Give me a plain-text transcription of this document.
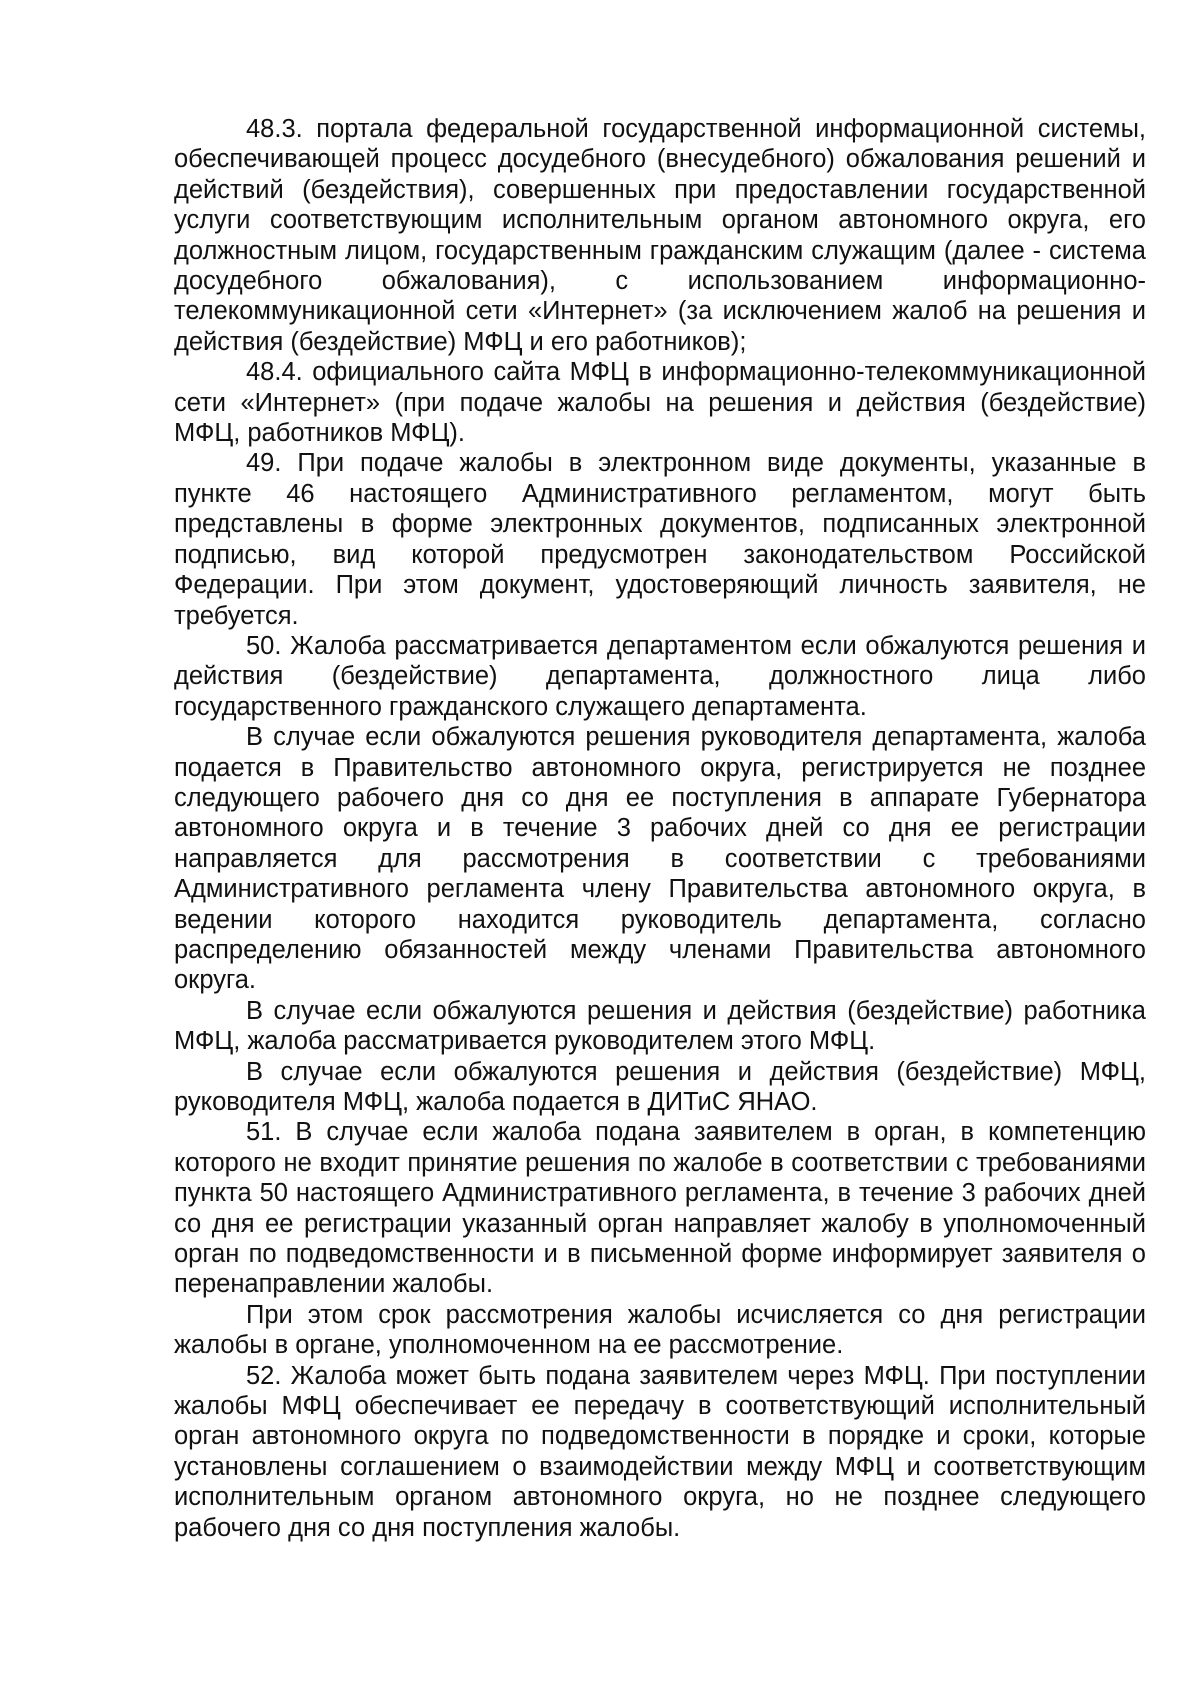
48.3. портала федеральной государственной информационной системы, обеспечивающей процесс досудебного (внесудебного) обжалования решений и действий (бездействия), совершенных при предоставлении государственной услуги соответствующим исполнительным органом автономного округа, его должностным лицом, государственным гражданским служащим (далее - система досудебного обжалования), с использованием информационно-телекоммуникационной сети «Интернет» (за исключением жалоб на решения и действия (бездействие) МФЦ и его работников);

48.4. официального сайта МФЦ в информационно-телекоммуникационной сети «Интернет» (при подаче жалобы на решения и действия (бездействие) МФЦ, работников МФЦ).

49. При подаче жалобы в электронном виде документы, указанные в пункте 46 настоящего Административного регламентом, могут быть представлены в форме электронных документов, подписанных электронной подписью, вид которой предусмотрен законодательством Российской Федерации. При этом документ, удостоверяющий личность заявителя, не требуется.

50. Жалоба рассматривается департаментом если обжалуются решения и действия (бездействие) департамента, должностного лица либо государственного гражданского служащего департамента.

В случае если обжалуются решения руководителя департамента, жалоба подается в Правительство автономного округа, регистрируется не позднее следующего рабочего дня со дня ее поступления в аппарате Губернатора автономного округа и в течение 3 рабочих дней со дня ее регистрации направляется для рассмотрения в соответствии с требованиями Административного регламента члену Правительства автономного округа, в ведении которого находится руководитель департамента, согласно распределению обязанностей между членами Правительства автономного округа.

В случае если обжалуются решения и действия (бездействие) работника МФЦ, жалоба рассматривается руководителем этого МФЦ.

В случае если обжалуются решения и действия (бездействие) МФЦ, руководителя МФЦ, жалоба подается в ДИТиС ЯНАО.

51. В случае если жалоба подана заявителем в орган, в компетенцию которого не входит принятие решения по жалобе в соответствии с требованиями пункта 50 настоящего Административного регламента, в течение 3 рабочих дней со дня ее регистрации указанный орган направляет жалобу в уполномоченный орган по подведомственности и в письменной форме информирует заявителя о перенаправлении жалобы.

При этом срок рассмотрения жалобы исчисляется со дня регистрации жалобы в органе, уполномоченном на ее рассмотрение.

52. Жалоба может быть подана заявителем через МФЦ. При поступлении жалобы МФЦ обеспечивает ее передачу в соответствующий исполнительный орган автономного округа по подведомственности в порядке и сроки, которые установлены соглашением о взаимодействии между МФЦ и соответствующим исполнительным органом автономного округа, но не позднее следующего рабочего дня со дня поступления жалобы.
